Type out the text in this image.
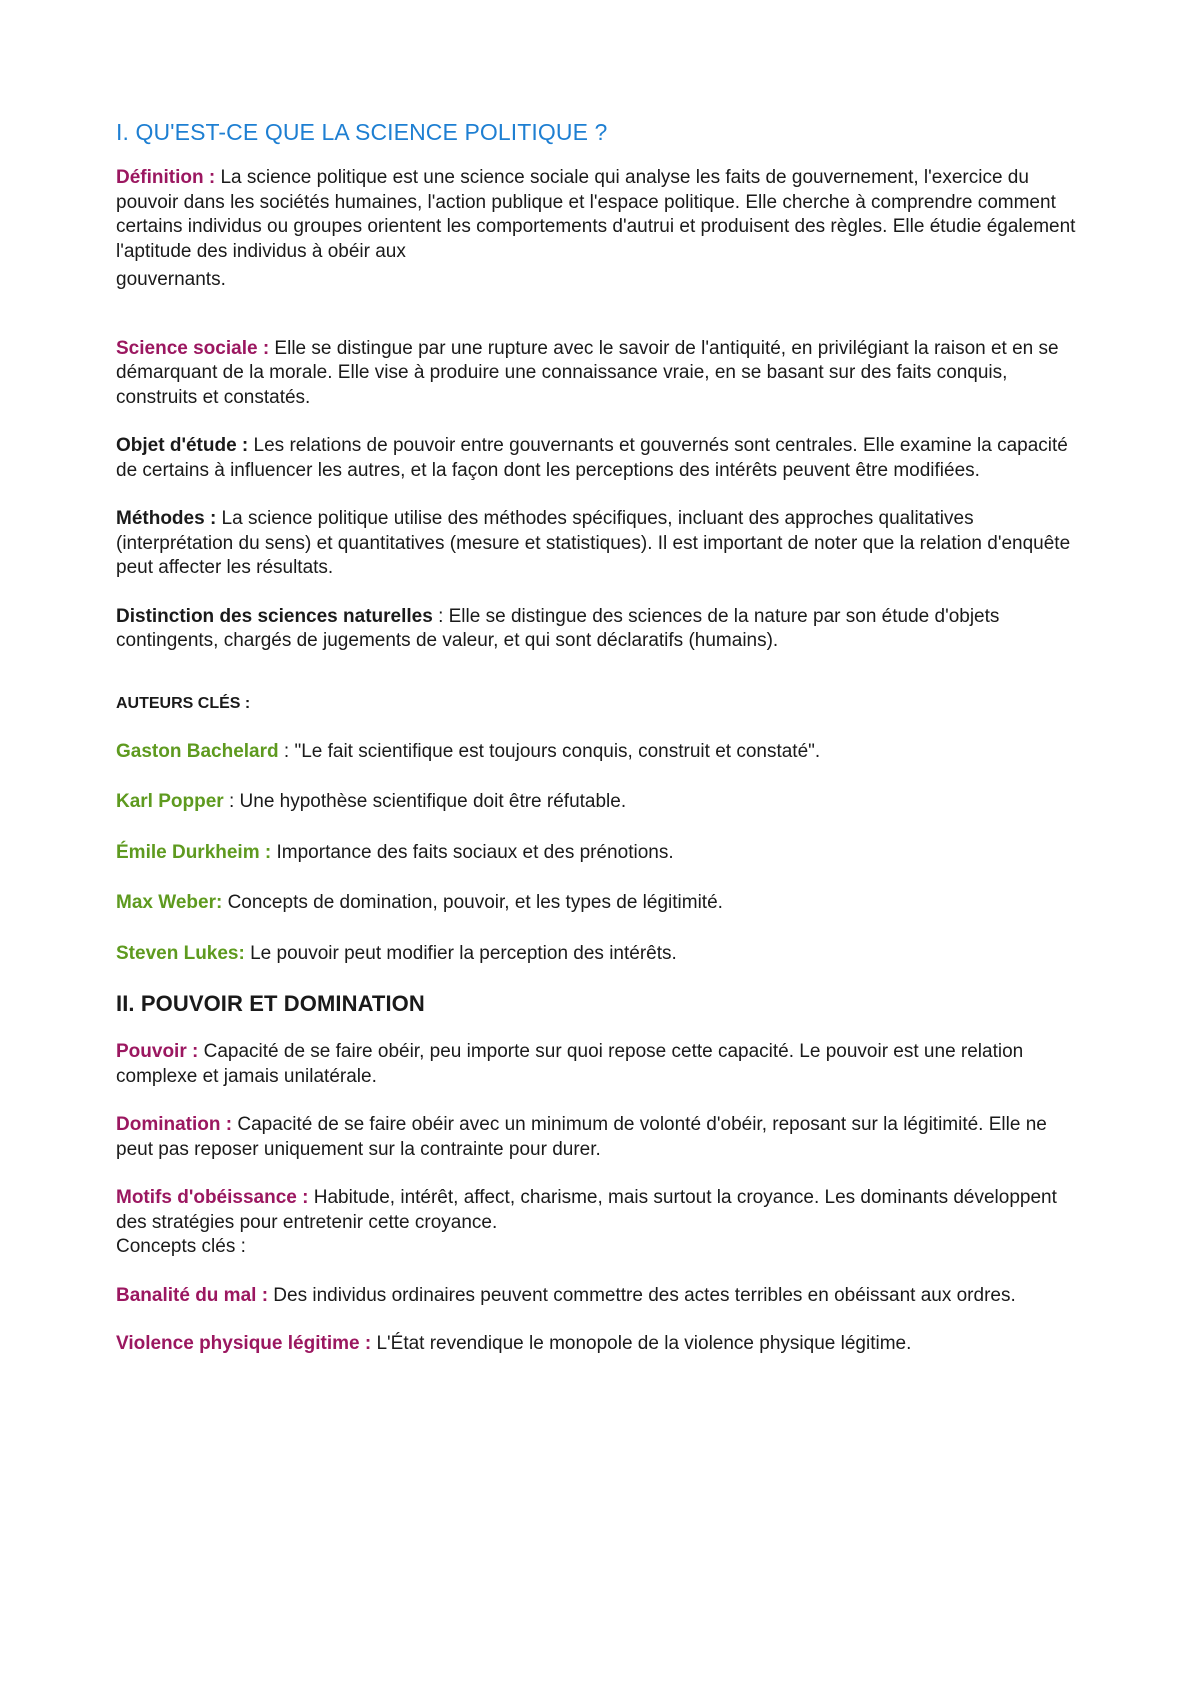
I. QU'EST-CE QUE LA SCIENCE POLITIQUE ?

Définition : La science politique est une science sociale qui analyse les faits de gouvernement, l'exercice du pouvoir dans les sociétés humaines, l'action publique et l'espace politique. Elle cherche à comprendre comment certains individus ou groupes orientent les comportements d'autrui et produisent des règles. Elle étudie également l'aptitude des individus à obéir aux
gouvernants.

Science sociale : Elle se distingue par une rupture avec le savoir de l'antiquité, en privilégiant la raison et en se démarquant de la morale. Elle vise à produire une connaissance vraie, en se basant sur des faits conquis, construits et constatés.

Objet d'étude : Les relations de pouvoir entre gouvernants et gouvernés sont centrales. Elle examine la capacité de certains à influencer les autres, et la façon dont les perceptions des intérêts peuvent être modifiées.

Méthodes : La science politique utilise des méthodes spécifiques, incluant des approches qualitatives (interprétation du sens) et quantitatives (mesure et statistiques). Il est important de noter que la relation d'enquête peut affecter les résultats.

Distinction des sciences naturelles : Elle se distingue des sciences de la nature par son étude d'objets contingents, chargés de jugements de valeur, et qui sont déclaratifs (humains).

AUTEURS CLÉS :

Gaston Bachelard : "Le fait scientifique est toujours conquis, construit et constaté".

Karl Popper : Une hypothèse scientifique doit être réfutable.

Émile Durkheim : Importance des faits sociaux et des prénotions.

Max Weber: Concepts de domination, pouvoir, et les types de légitimité.

Steven Lukes: Le pouvoir peut modifier la perception des intérêts.

II. POUVOIR ET DOMINATION

Pouvoir : Capacité de se faire obéir, peu importe sur quoi repose cette capacité. Le pouvoir est une relation complexe et jamais unilatérale.

Domination : Capacité de se faire obéir avec un minimum de volonté d'obéir, reposant sur la légitimité. Elle ne peut pas reposer uniquement sur la contrainte pour durer.

Motifs d'obéissance : Habitude, intérêt, affect, charisme, mais surtout la croyance. Les dominants développent des stratégies pour entretenir cette croyance.
Concepts clés :

Banalité du mal : Des individus ordinaires peuvent commettre des actes terribles en obéissant aux ordres.

Violence physique légitime : L'État revendique le monopole de la violence physique légitime.
